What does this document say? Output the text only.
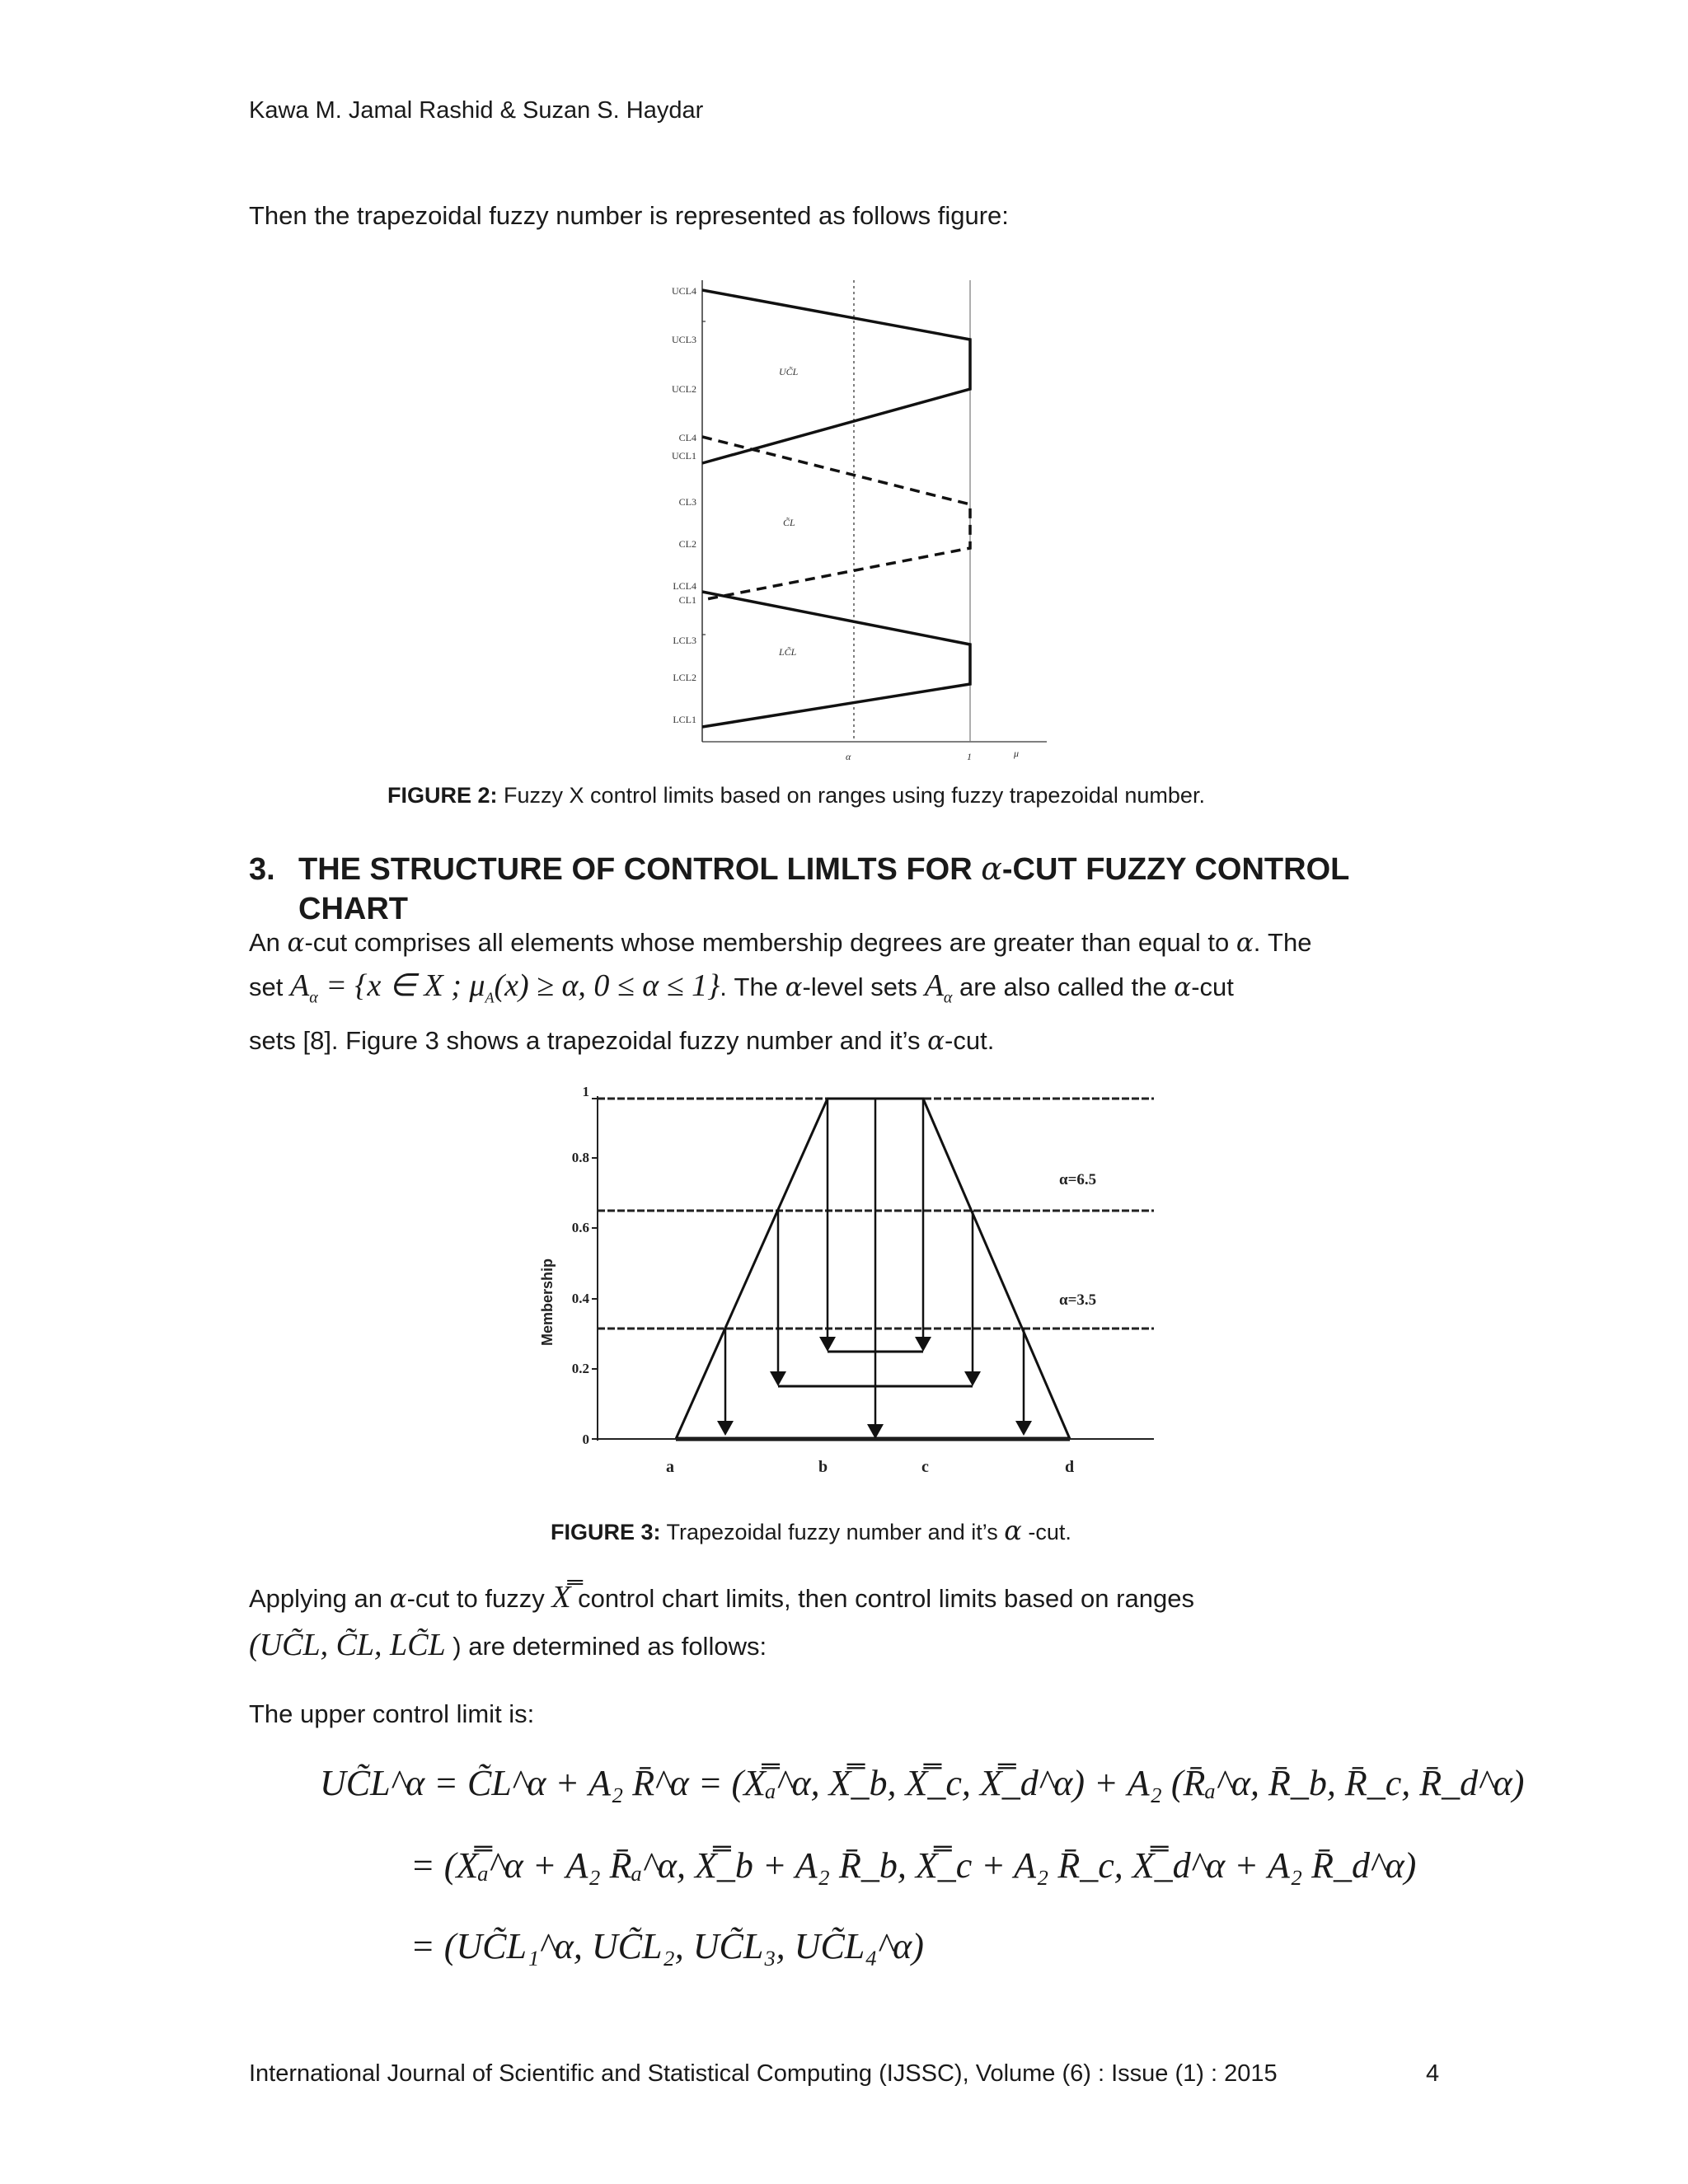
Kawa M. Jamal Rashid & Suzan S. Haydar
Then the trapezoidal fuzzy number is represented as follows figure:
UCL4
UCL3
UCL2
CL4
UCL1
CL3
CL2
LCL4
CL1
LCL3
LCL2
LCL1
UC̃L
C̃L
LC̃L
α	1	μ
FIGURE 2: Fuzzy X control limits based on ranges using fuzzy trapezoidal number.
3. THE STRUCTURE OF CONTROL LIMLTS FOR α-CUT FUZZY CONTROL
CHART
An α-cut comprises all elements whose membership degrees are greater than equal to α. The
set $A_\alpha = \{x$ ∈ X ; $\mu_A(x) \ge \alpha$, 0 ≤ α ≤ 1}. The α-level sets $A_\alpha$ are also called the α-cut
sets [8]. Figure 3 shows a trapezoidal fuzzy number and it’s α-cut.
Membership
0
0.2
0.4
0.6
0.8
1
α=6.5
α=3.5
a	b	c	d
FIGURE 3: Trapezoidal fuzzy number and it’s α -cut.
Applying an α-cut to fuzzy X̿ control chart limits, then control limits based on ranges
(UC̃L, C̃L, LC̃L ) are determined as follows:
The upper control limit is:
UC̃L^α = C̃L^α + A₂ R̄^α = (X̿ₐ^α, X̿_b, X̿_c, X̿_d^α) + A₂ (R̄ₐ^α, R̄_b, R̄_c, R̄_d^α)
= (X̿ₐ^α + A₂ R̄ₐ^α, X̿_b + A₂ R̄_b, X̿_c + A₂ R̄_c, X̿_d^α + A₂ R̄_d^α)
= (UC̃L₁^α, UC̃L₂, UC̃L₃, UC̃L₄^α)
International Journal of Scientific and Statistical Computing (IJSSC), Volume (6) : Issue (1) : 2015	4
